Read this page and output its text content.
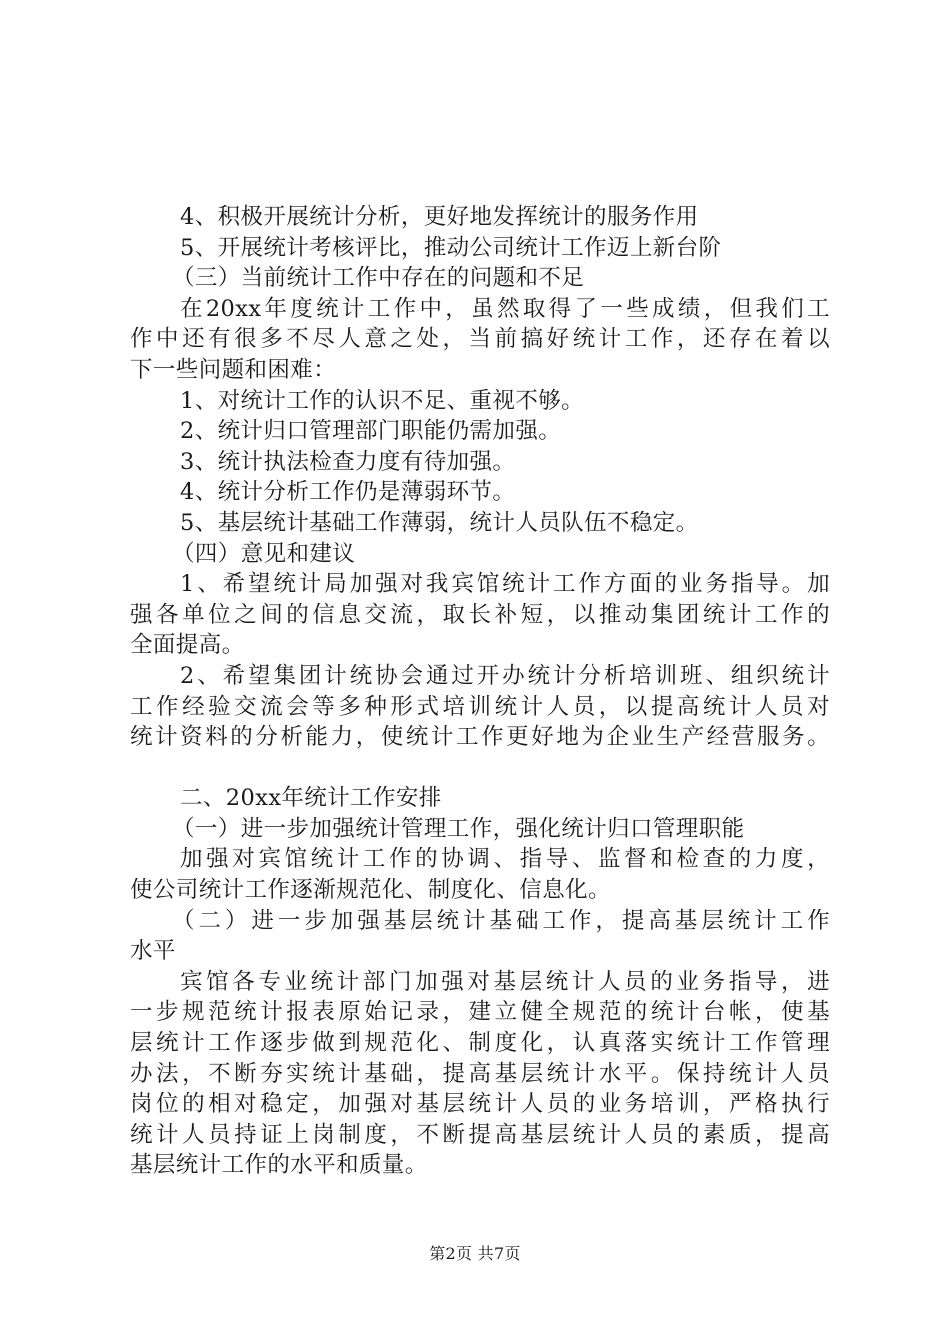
4、积极开展统计分析，更好地发挥统计的服务作用
5、开展统计考核评比，推动公司统计工作迈上新台阶
（三）当前统计工作中存在的问题和不足
在20xx年度统计工作中，虽然取得了一些成绩，但我们工
作中还有很多不尽人意之处，当前搞好统计工作，还存在着以
下一些问题和困难：
1、对统计工作的认识不足、重视不够。
2、统计归口管理部门职能仍需加强。
3、统计执法检查力度有待加强。
4、统计分析工作仍是薄弱环节。
5、基层统计基础工作薄弱，统计人员队伍不稳定。
（四）意见和建议
1、希望统计局加强对我宾馆统计工作方面的业务指导。加
强各单位之间的信息交流，取长补短，以推动集团统计工作的
全面提高。
2、希望集团计统协会通过开办统计分析培训班、组织统计
工作经验交流会等多种形式培训统计人员，以提高统计人员对
统计资料的分析能力，使统计工作更好地为企业生产经营服务。
二、20xx年统计工作安排
（一）进一步加强统计管理工作，强化统计归口管理职能
加强对宾馆统计工作的协调、指导、监督和检查的力度，
使公司统计工作逐渐规范化、制度化、信息化。
（二）进一步加强基层统计基础工作，提高基层统计工作
水平
宾馆各专业统计部门加强对基层统计人员的业务指导，进
一步规范统计报表原始记录，建立健全规范的统计台帐，使基
层统计工作逐步做到规范化、制度化，认真落实统计工作管理
办法，不断夯实统计基础，提高基层统计水平。保持统计人员
岗位的相对稳定，加强对基层统计人员的业务培训，严格执行
统计人员持证上岗制度，不断提高基层统计人员的素质，提高
基层统计工作的水平和质量。
第2页 共7页
